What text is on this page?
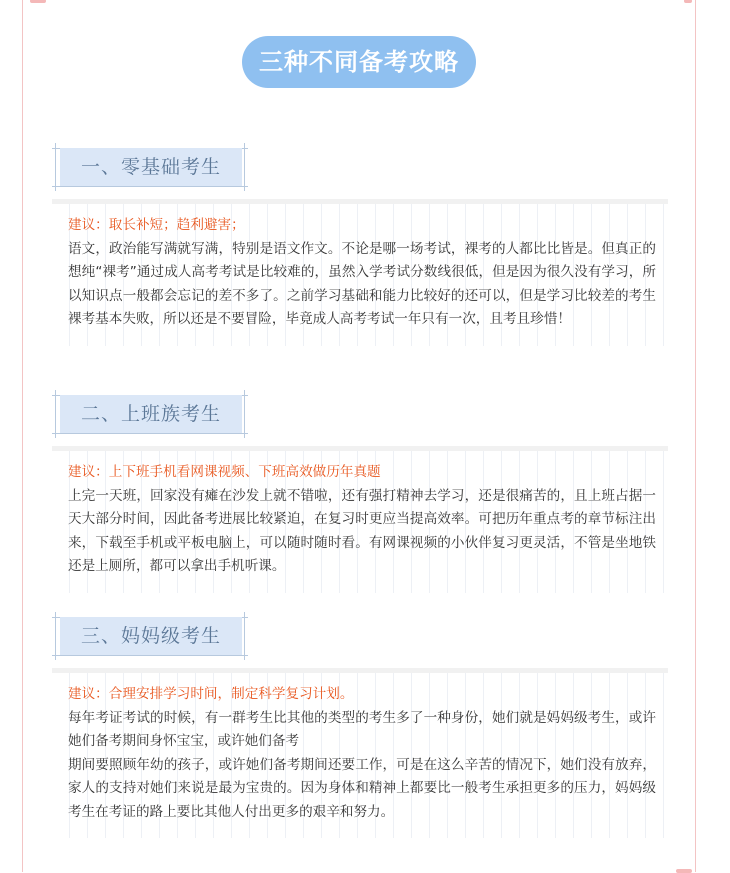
三种不同备考攻略
一、零基础考生
建议：取长补短；趋利避害；

语文，政治能写满就写满，特别是语文作文。不论是哪一场考试，裸考的人都比比皆是。但真正的想纯“裸考”通过成人高考考试是比较难的，虽然入学考试分数线很低，但是因为很久没有学习，所以知识点一般都会忘记的差不多了。之前学习基础和能力比较好的还可以，但是学习比较差的考生裸考基本失败，所以还是不要冒险，毕竟成人高考考试一年只有一次，且考且珍惜！

二、上班族考生
建议：上下班手机看网课视频、下班高效做历年真题

上完一天班，回家没有瘫在沙发上就不错啦，还有强打精神去学习，还是很痛苦的，且上班占据一天大部分时间，因此备考进展比较紧迫，在复习时更应当提高效率。可把历年重点考的章节标注出来，下载至手机或平板电脑上，可以随时随时看。有网课视频的小伙伴复习更灵活，不管是坐地铁还是上厕所，都可以拿出手机听课。

三、妈妈级考生
建议：合理安排学习时间，制定科学复习计划。

每年考证考试的时候，有一群考生比其他的类型的考生多了一种身份，她们就是妈妈级考生，或许她们备考期间身怀宝宝，或许她们备考

期间要照顾年幼的孩子，或许她们备考期间还要工作，可是在这么辛苦的情况下，她们没有放弃，家人的支持对她们来说是最为宝贵的。因为身体和精神上都要比一般考生承担更多的压力，妈妈级考生在考证的路上要比其他人付出更多的艰辛和努力。
